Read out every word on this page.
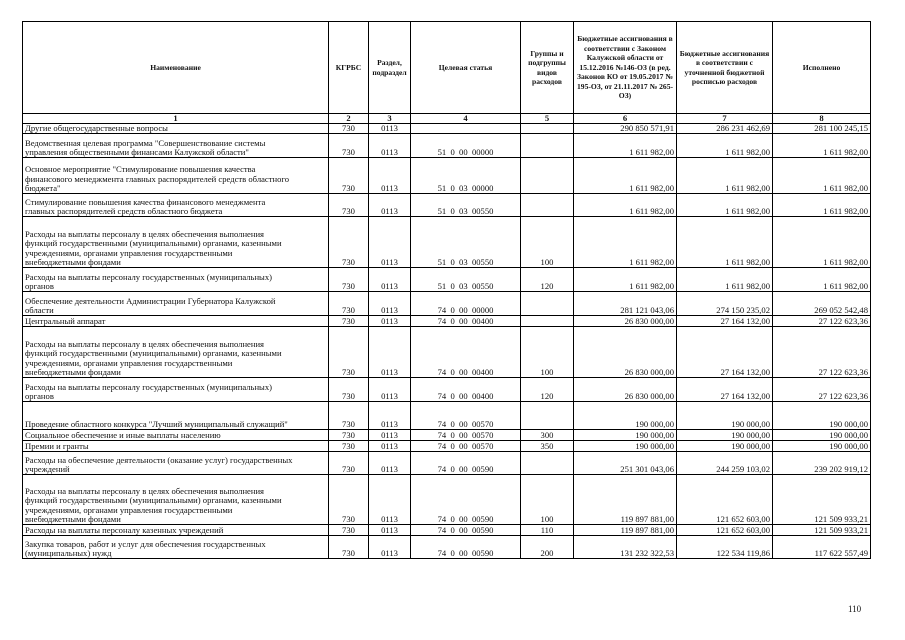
Наименование	КГРБС	Раздел, подраздел	Целевая статья	Группы и подгруппы видов расходов	Бюджетные ассигнования в соответствии с Законом Калужской области от 15.12.2016 №146-ОЗ (в ред. Законов КО от 19.05.2017 № 195-ОЗ, от 21.11.2017 № 265-ОЗ)	Бюджетные ассигнования в соответствии с уточненной бюджетной росписью расходов	Исполнено
1	2	3	4	5	6	7	8
Другие общегосударственные вопросы	730	0113			290 850 571,91	286 231 462,69	281 100 245,15
Ведомственная целевая программа "Совершенствование системы
управления общественными финансами Калужской области"	730	0113	51  0  00  00000		1 611 982,00	1 611 982,00	1 611 982,00
Основное мероприятие "Стимулирование повышения качества
финансового менеджмента главных распорядителей средств областного
бюджета"	730	0113	51  0  03  00000		1 611 982,00	1 611 982,00	1 611 982,00
Стимулирование повышения качества финансового менеджмента
главных распорядителей средств областного бюджета	730	0113	51  0  03  00550		1 611 982,00	1 611 982,00	1 611 982,00
Расходы на выплаты персоналу в целях обеспечения выполнения
функций государственными (муниципальными) органами, казенными
учреждениями, органами управления государственными
внебюджетными фондами	730	0113	51  0  03  00550	100	1 611 982,00	1 611 982,00	1 611 982,00
Расходы на выплаты персоналу государственных (муниципальных)
органов	730	0113	51  0  03  00550	120	1 611 982,00	1 611 982,00	1 611 982,00
Обеспечение деятельности Администрации Губернатора Калужской
области	730	0113	74  0  00  00000		281 121 043,06	274 150 235,02	269 052 542,48
Центральный аппарат	730	0113	74  0  00  00400		26 830 000,00	27 164 132,00	27 122 623,36
Расходы на выплаты персоналу в целях обеспечения выполнения
функций государственными (муниципальными) органами, казенными
учреждениями, органами управления государственными
внебюджетными фондами	730	0113	74  0  00  00400	100	26 830 000,00	27 164 132,00	27 122 623,36
Расходы на выплаты персоналу государственных (муниципальных)
органов	730	0113	74  0  00  00400	120	26 830 000,00	27 164 132,00	27 122 623,36
Проведение областного конкурса "Лучший муниципальный служащий"	730	0113	74  0  00  00570		190 000,00	190 000,00	190 000,00
Социальное обеспечение и иные выплаты населению	730	0113	74  0  00  00570	300	190 000,00	190 000,00	190 000,00
Премии и гранты	730	0113	74  0  00  00570	350	190 000,00	190 000,00	190 000,00
Расходы на обеспечение деятельности (оказание услуг) государственных
учреждений	730	0113	74  0  00  00590		251 301 043,06	244 259 103,02	239 202 919,12
Расходы на выплаты персоналу в целях обеспечения выполнения
функций государственными (муниципальными) органами, казенными
учреждениями, органами управления государственными
внебюджетными фондами	730	0113	74  0  00  00590	100	119 897 881,00	121 652 603,00	121 509 933,21
Расходы на выплаты персоналу казенных учреждений	730	0113	74  0  00  00590	110	119 897 881,00	121 652 603,00	121 509 933,21
Закупка товаров, работ и услуг для обеспечения государственных
(муниципальных) нужд	730	0113	74  0  00  00590	200	131 232 322,53	122 534 119,86	117 622 557,49
110
